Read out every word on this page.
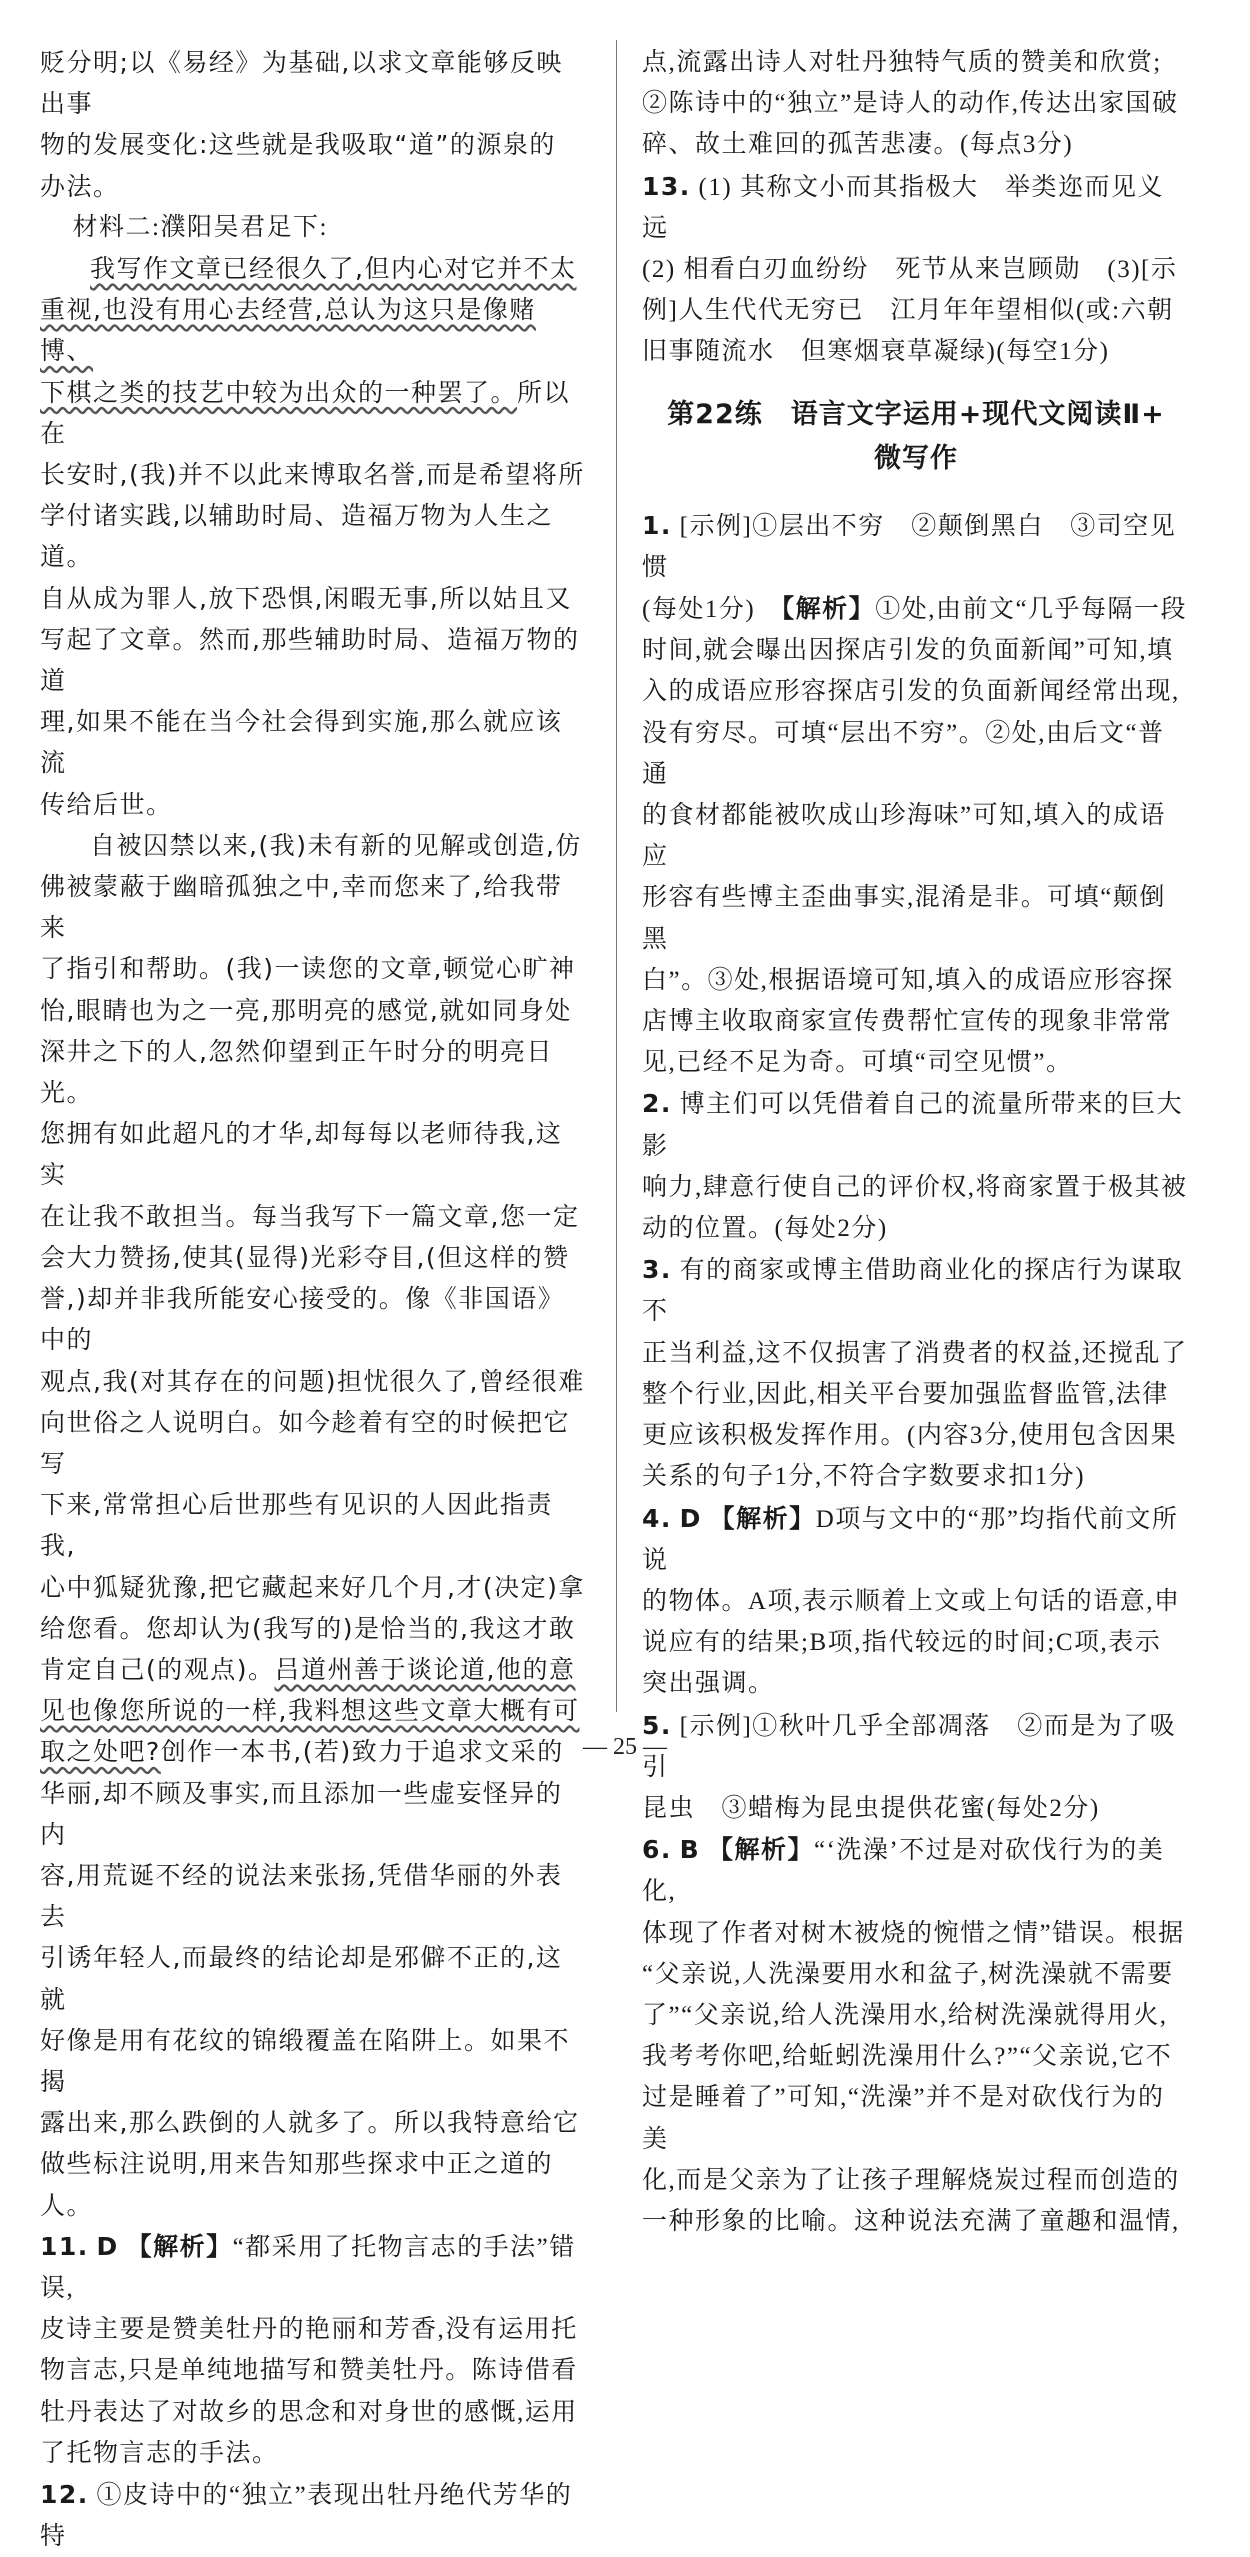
贬分明;以《易经》为基础,以求文章能够反映出事

物的发展变化:这些就是我吸取“道”的源泉的

办法。

材料二:濮阳吴君足下:

我写作文章已经很久了,但内心对它并不太

重视,也没有用心去经营,总认为这只是像赌博、

下棋之类的技艺中较为出众的一种罢了。所以在

长安时,(我)并不以此来博取名誉,而是希望将所

学付诸实践,以辅助时局、造福万物为人生之道。

自从成为罪人,放下恐惧,闲暇无事,所以姑且又

写起了文章。然而,那些辅助时局、造福万物的道

理,如果不能在当今社会得到实施,那么就应该流

传给后世。

自被囚禁以来,(我)未有新的见解或创造,仿

佛被蒙蔽于幽暗孤独之中,幸而您来了,给我带来

了指引和帮助。(我)一读您的文章,顿觉心旷神

怡,眼睛也为之一亮,那明亮的感觉,就如同身处

深井之下的人,忽然仰望到正午时分的明亮日光。

您拥有如此超凡的才华,却每每以老师待我,这实

在让我不敢担当。每当我写下一篇文章,您一定

会大力赞扬,使其(显得)光彩夺目,(但这样的赞

誉,)却并非我所能安心接受的。像《非国语》中的

观点,我(对其存在的问题)担忧很久了,曾经很难

向世俗之人说明白。如今趁着有空的时候把它写

下来,常常担心后世那些有见识的人因此指责我,

心中狐疑犹豫,把它藏起来好几个月,才(决定)拿

给您看。您却认为(我写的)是恰当的,我这才敢

肯定自己(的观点)。吕道州善于谈论道,他的意

见也像您所说的一样,我料想这些文章大概有可

取之处吧?创作一本书,(若)致力于追求文采的

华丽,却不顾及事实,而且添加一些虚妄怪异的内

容,用荒诞不经的说法来张扬,凭借华丽的外表去

引诱年轻人,而最终的结论却是邪僻不正的,这就

好像是用有花纹的锦缎覆盖在陷阱上。如果不揭

露出来,那么跌倒的人就多了。所以我特意给它

做些标注说明,用来告知那些探求中正之道的人。

11. D 【解析】“都采用了托物言志的手法”错误,

皮诗主要是赞美牡丹的艳丽和芳香,没有运用托

物言志,只是单纯地描写和赞美牡丹。陈诗借看

牡丹表达了对故乡的思念和对身世的感慨,运用

了托物言志的手法。

12. ①皮诗中的“独立”表现出牡丹绝代芳华的特

点,流露出诗人对牡丹独特气质的赞美和欣赏;

②陈诗中的“独立”是诗人的动作,传达出家国破

碎、故土难回的孤苦悲凄。(每点3分)

13. (1) 其称文小而其指极大　举类迩而见义远

(2) 相看白刃血纷纷　死节从来岂顾勋　(3)[示

例]人生代代无穷已　江月年年望相似(或:六朝

旧事随流水　但寒烟衰草凝绿)(每空1分)

第22练　语言文字运用+现代文阅读Ⅱ+
微写作

1. [示例]①层出不穷　②颠倒黑白　③司空见惯

(每处1分)　 【解析】①处,由前文“几乎每隔一段

时间,就会曝出因探店引发的负面新闻”可知,填

入的成语应形容探店引发的负面新闻经常出现,

没有穷尽。可填“层出不穷”。②处,由后文“普通

的食材都能被吹成山珍海味”可知,填入的成语应

形容有些博主歪曲事实,混淆是非。可填“颠倒黑

白”。③处,根据语境可知,填入的成语应形容探

店博主收取商家宣传费帮忙宣传的现象非常常

见,已经不足为奇。可填“司空见惯”。

2. 博主们可以凭借着自己的流量所带来的巨大影

响力,肆意行使自己的评价权,将商家置于极其被

动的位置。(每处2分)

3. 有的商家或博主借助商业化的探店行为谋取不

正当利益,这不仅损害了消费者的权益,还搅乱了

整个行业,因此,相关平台要加强监督监管,法律

更应该积极发挥作用。(内容3分,使用包含因果

关系的句子1分,不符合字数要求扣1分)

4. D 【解析】D项与文中的“那”均指代前文所说

的物体。A项,表示顺着上文或上句话的语意,申

说应有的结果;B项,指代较远的时间;C项,表示

突出强调。

5. [示例]①秋叶几乎全部凋落　②而是为了吸引

昆虫　③蜡梅为昆虫提供花蜜(每处2分)

6. B 【解析】“‘洗澡’不过是对砍伐行为的美化,

体现了作者对树木被烧的惋惜之情”错误。根据

“父亲说,人洗澡要用水和盆子,树洗澡就不需要

了”“父亲说,给人洗澡用水,给树洗澡就得用火,

我考考你吧,给蚯蚓洗澡用什么?”“父亲说,它不

过是睡着了”可知,“洗澡”并不是对砍伐行为的美

化,而是父亲为了让孩子理解烧炭过程而创造的

一种形象的比喻。这种说法充满了童趣和温情,

— 25 —
